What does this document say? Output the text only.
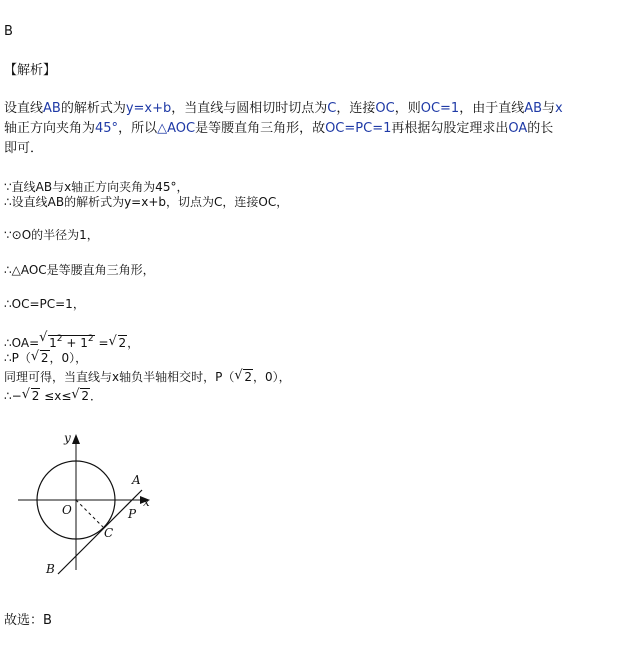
B
【解析】
设直线AB的解析式为y=x+b，当直线与圆相切时切点为C，连接OC，则OC=1，由于直线AB与x
轴正方向夹角为45°，所以△AOC是等腰直角三角形，故OC=PC=1再根据勾股定理求出OA的长
即可．
∵直线AB与x轴正方向夹角为45°，
∴设直线AB的解析式为y=x+b，切点为C，连接OC，
∵⊙O的半径为1，
∴△AOC是等腰直角三角形，
∴OC=PC=1，
∴OA= √ $1^2 + 1^2$ = √ 2，
∴P（ √ 2，0），
同理可得，当直线与x轴负半轴相交时，P（ √ 2，0），
∴− √ 2 ≤x≤ √ 2．
y
x
O
A
P
C
B
故选：B
